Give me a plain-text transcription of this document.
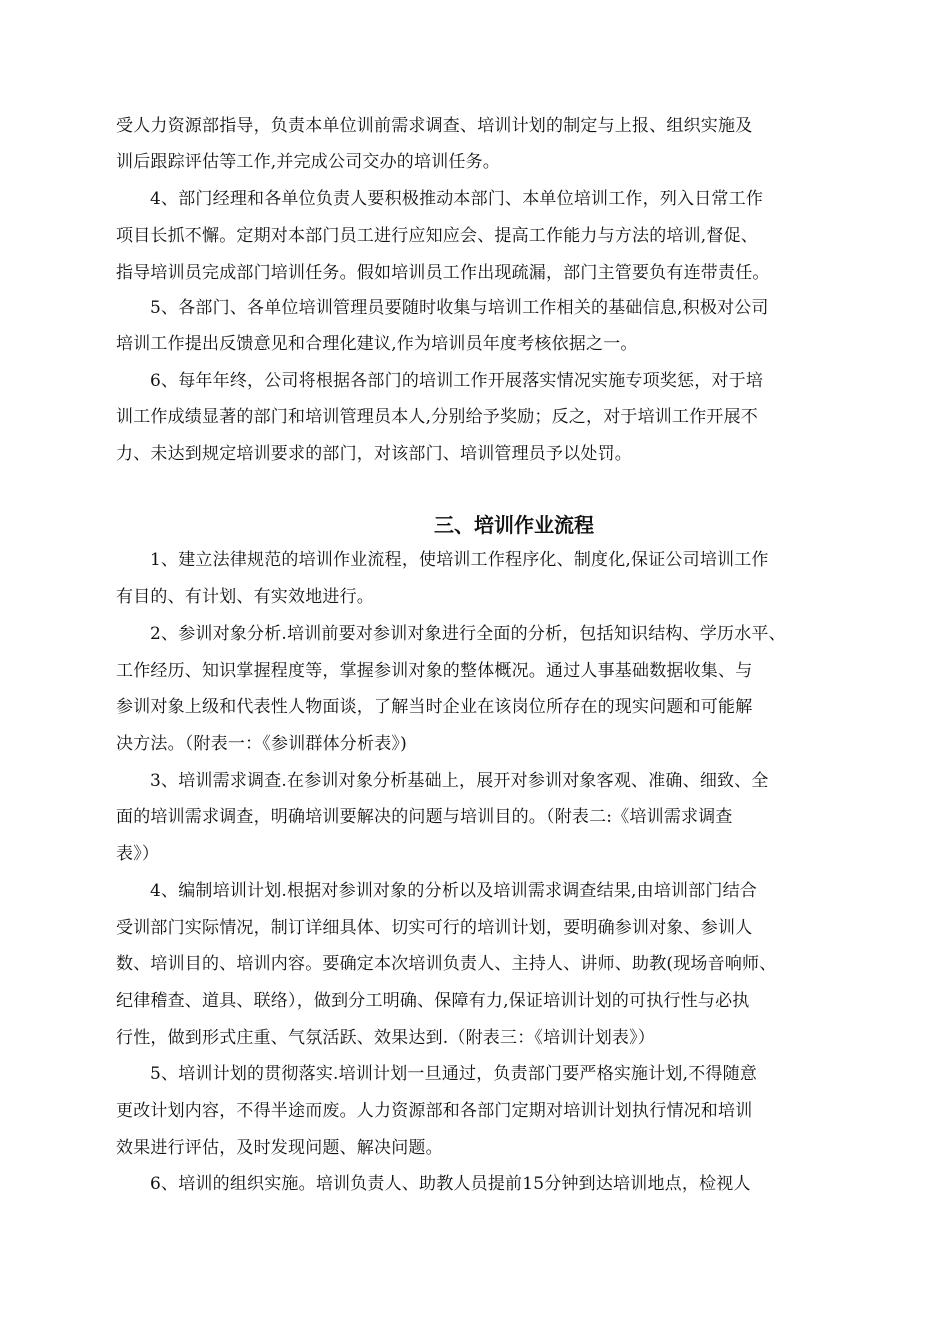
受人力资源部指导，负责本单位训前需求调查、培训计划的制定与上报、组织实施及
训后跟踪评估等工作,并完成公司交办的培训任务。
4、部门经理和各单位负责人要积极推动本部门、本单位培训工作，列入日常工作
项目长抓不懈。定期对本部门员工进行应知应会、提高工作能力与方法的培训,督促、
指导培训员完成部门培训任务。假如培训员工作出现疏漏，部门主管要负有连带责任。
5、各部门、各单位培训管理员要随时收集与培训工作相关的基础信息,积极对公司
培训工作提出反馈意见和合理化建议,作为培训员年度考核依据之一。
6、每年年终，公司将根据各部门的培训工作开展落实情况实施专项奖惩，对于培
训工作成绩显著的部门和培训管理员本人,分别给予奖励；反之，对于培训工作开展不
力、未达到规定培训要求的部门，对该部门、培训管理员予以处罚。
三、培训作业流程
1、建立法律规范的培训作业流程，使培训工作程序化、制度化,保证公司培训工作
有目的、有计划、有实效地进行。
2、参训对象分析.培训前要对参训对象进行全面的分析，包括知识结构、学历水平、
工作经历、知识掌握程度等，掌握参训对象的整体概况。通过人事基础数据收集、与
参训对象上级和代表性人物面谈，了解当时企业在该岗位所存在的现实问题和可能解
决方法。（附表一：《参训群体分析表》)
3、培训需求调查.在参训对象分析基础上，展开对参训对象客观、准确、细致、全
面的培训需求调查，明确培训要解决的问题与培训目的。（附表二:《培训需求调查
表》）
4、编制培训计划.根据对参训对象的分析以及培训需求调查结果,由培训部门结合
受训部门实际情况，制订详细具体、切实可行的培训计划，要明确参训对象、参训人
数、培训目的、培训内容。要确定本次培训负责人、主持人、讲师、助教(现场音响师、
纪律稽查、道具、联络），做到分工明确、保障有力,保证培训计划的可执行性与必执
行性，做到形式庄重、气氛活跃、效果达到.（附表三：《培训计划表》）
5、培训计划的贯彻落实.培训计划一旦通过，负责部门要严格实施计划,不得随意
更改计划内容，不得半途而废。人力资源部和各部门定期对培训计划执行情况和培训
效果进行评估，及时发现问题、解决问题。
6、培训的组织实施。培训负责人、助教人员提前15分钟到达培训地点，检视人
